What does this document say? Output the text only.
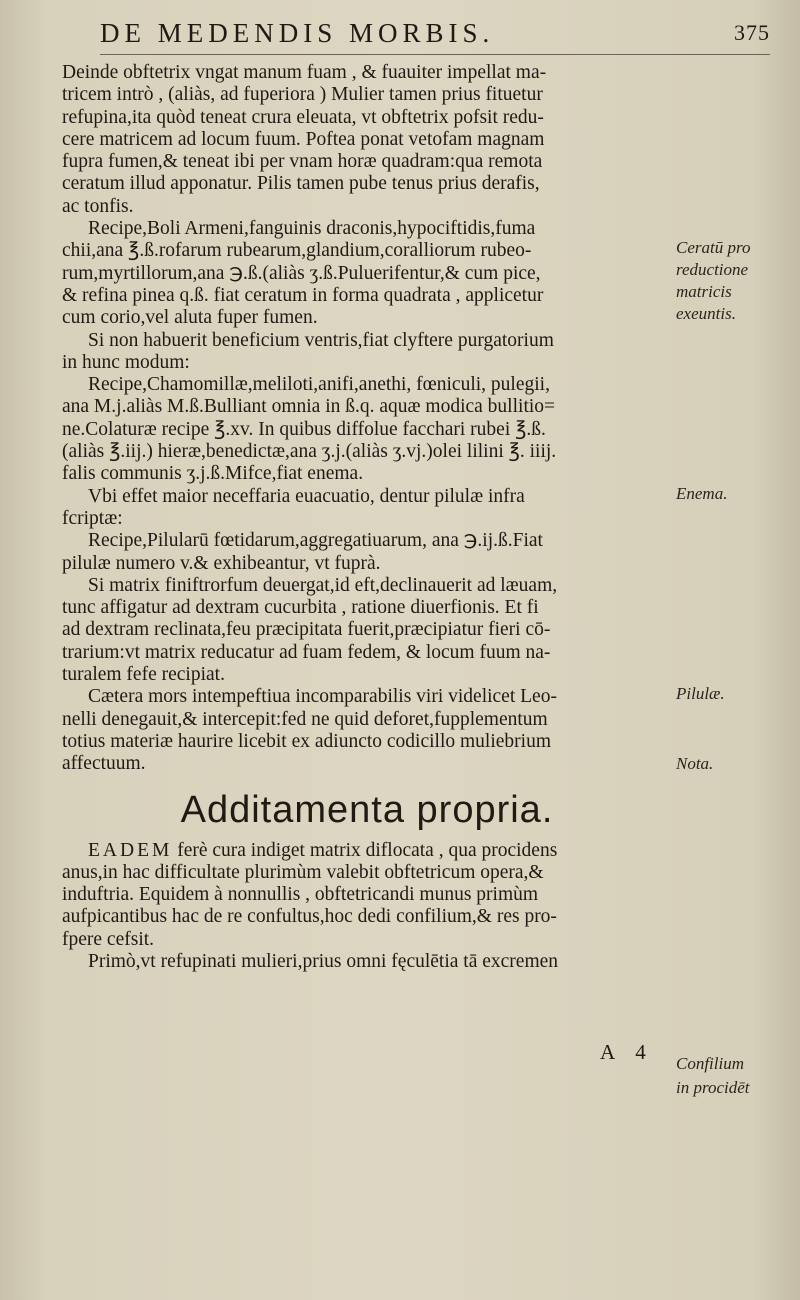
DE MEDENDIS MORBIS.	375

Deinde obftetrix vngat manum fuam , & fuauiter impellat ma-
tricem intrò , (aliàs, ad fuperiora ) Mulier tamen prius fituetur
refupina,ita quòd teneat crura eleuata, vt obftetrix pofsit redu-
cere matricem ad locum fuum. Poftea ponat vetofam magnam
fupra fumen,& teneat ibi per vnam horæ quadram:qua remota
ceratum illud apponatur. Pilis tamen pube tenus prius derafis,
ac tonfis.

Recipe,Boli Armeni,fanguinis draconis,hypociftidis,fuma
chii,ana ℥.ß.rofarum rubearum,glandium,coralliorum rubeo-
rum,myrtillorum,ana ℈.ß.(aliàs ʒ.ß.Puluerifentur,& cum pice,
& refina pinea q.ß. fiat ceratum in forma quadrata , applicetur
cum corio,vel aluta fuper fumen.

Si non habuerit beneficium ventris,fiat clyftere purgatorium
in hunc modum:

Recipe,Chamomillæ,meliloti,anifi,anethi, fœniculi, pulegii,
ana M.j.aliàs M.ß.Bulliant omnia in ß.q. aquæ modica bullitio=
ne.Colaturæ recipe ℥.xv. In quibus diffolue facchari rubei ℥.ß.
(aliàs ℥.iij.) hieræ,benedictæ,ana ʒ.j.(aliàs ʒ.vj.)olei lilini ℥. iiij.
falis communis ʒ.j.ß.Mifce,fiat enema.

Vbi effet maior neceffaria euacuatio, dentur pilulæ infra
fcriptæ:

Recipe,Pilularū fœtidarum,aggregatiuarum, ana ℈.ij.ß.Fiat
pilulæ numero v.& exhibeantur, vt fuprà.

Si matrix finiftrorfum deuergat,id eft,declinauerit ad læuam,
tunc affigatur ad dextram cucurbita , ratione diuerfionis. Et fi
ad dextram reclinata,feu præcipitata fuerit,præcipiatur fieri cō-
trarium:vt matrix reducatur ad fuam fedem, & locum fuum na-
turalem fefe recipiat.

Cætera mors intempeftiua incomparabilis viri videlicet Leo-
nelli denegauit,& intercepit:fed ne quid deforet,fupplementum
totius materiæ haurire licebit ex adiuncto codicillo muliebrium
affectuum.

Additamenta propria.

EADEM ferè cura indiget matrix diflocata , qua procidens
anus,in hac difficultate plurimùm valebit obftetricum opera,&
induftria. Equidem à nonnullis , obftetricandi munus primùm
aufpicantibus hac de re confultus,hoc dedi confilium,& res pro-
fpere cefsit.
Primò,vt refupinati mulieri,prius omni fęculētia tā excremen

Ceratū pro
reductione
matricis
exeuntis.
Enema.
Pilulæ.
Nota.
Confilium
in procidēt
A 4
